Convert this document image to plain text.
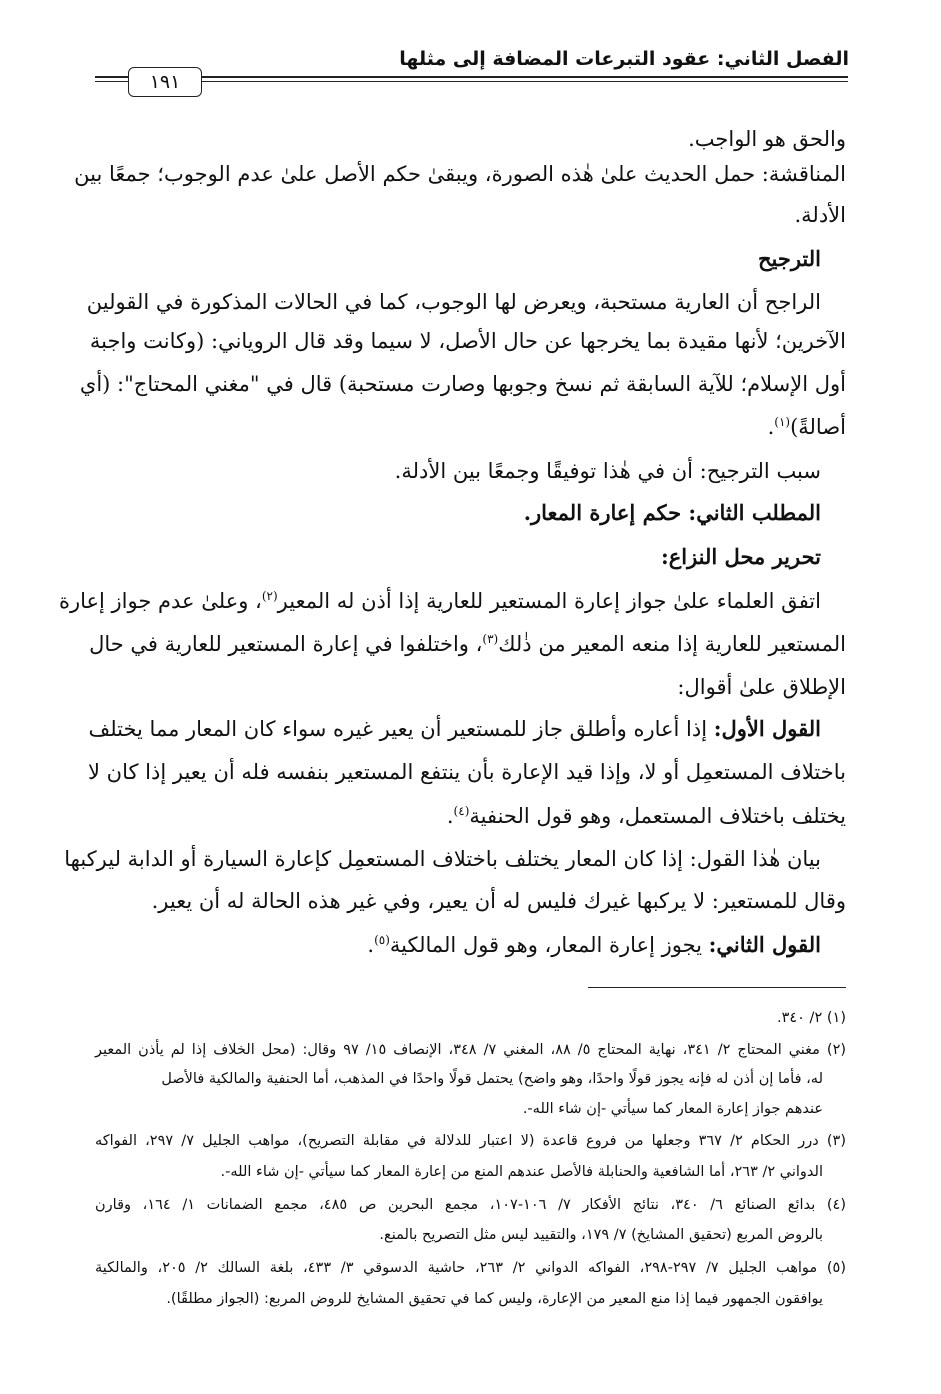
الفصل الثاني: عقود التبرعات المضافة إلى مثلها
١٩١
والحق هو الواجب.
المناقشة: حمل الحديث علىٰ هٰذه الصورة، ويبقىٰ حكم الأصل علىٰ عدم الوجوب؛ جمعًا بين
الأدلة.
الترجيح
الراجح أن العارية مستحبة، ويعرض لها الوجوب، كما في الحالات المذكورة في القولين
الآخرين؛ لأنها مقيدة بما يخرجها عن حال الأصل، لا سيما وقد قال الروياني: (وكانت واجبة
أول الإسلام؛ للآية السابقة ثم نسخ وجوبها وصارت مستحبة) قال في "مغني المحتاج": (أي
أصالةً)$^{(١)}$.
سبب الترجيح: أن في هٰذا توفيقًا وجمعًا بين الأدلة.
المطلب الثاني: حكم إعارة المعار.
تحرير محل النزاع:
اتفق العلماء علىٰ جواز إعارة المستعير للعارية إذا أذن له المعير$^{(٢)}$، وعلىٰ عدم جواز إعارة
المستعير للعارية إذا منعه المعير من ذٰلك$^{(٣)}$، واختلفوا في إعارة المستعير للعارية في حال
الإطلاق علىٰ أقوال:
القول الأول: إذا أعاره وأطلق جاز للمستعير أن يعير غيره سواء كان المعار مما يختلف
باختلاف المستعمِل أو لا، وإذا قيد الإعارة بأن ينتفع المستعير بنفسه فله أن يعير إذا كان لا
يختلف باختلاف المستعمل، وهو قول الحنفية$^{(٤)}$.
بيان هٰذا القول: إذا كان المعار يختلف باختلاف المستعمِل كإعارة السيارة أو الدابة ليركبها
وقال للمستعير: لا يركبها غيرك فليس له أن يعير، وفي غير هذه الحالة له أن يعير.
القول الثاني: يجوز إعارة المعار، وهو قول المالكية$^{(٥)}$.
(١) ٢/ ٣٤٠.
(٢) مغني المحتاج ٢/ ٣٤١، نهاية المحتاج ٥/ ٨٨، المغني ٧/ ٣٤٨، الإنصاف ١٥/ ٩٧ وقال: (محل الخلاف إذا لم يأذن المعير
له، فأما إن أذن له فإنه يجوز قولًا واحدًا، وهو واضح) يحتمل قولًا واحدًا في المذهب، أما الحنفية والمالكية فالأصل
عندهم جواز إعارة المعار كما سيأتي -إن شاء الله-.
(٣) درر الحكام ٢/ ٣٦٧ وجعلها من فروع قاعدة (لا اعتبار للدلالة في مقابلة التصريح)، مواهب الجليل ٧/ ٢٩٧، الفواكه
الدواني ٢/ ٢٦٣، أما الشافعية والحنابلة فالأصل عندهم المنع من إعارة المعار كما سيأتي -إن شاء الله-.
(٤) بدائع الصنائع ٦/ ٣٤٠، نتائج الأفكار ٧/ ١٠٦-١٠٧، مجمع البحرين ص ٤٨٥، مجمع الضمانات ١/ ١٦٤، وقارن
بالروض المربع (تحقيق المشايخ) ٧/ ١٧٩، والتقييد ليس مثل التصريح بالمنع.
(٥) مواهب الجليل ٧/ ٢٩٧-٢٩٨، الفواكه الدواني ٢/ ٢٦٣، حاشية الدسوقي ٣/ ٤٣٣، بلغة السالك ٢/ ٢٠٥، والمالكية
يوافقون الجمهور فيما إذا منع المعير من الإعارة، وليس كما في تحقيق المشايخ للروض المربع: (الجواز مطلقًا).
